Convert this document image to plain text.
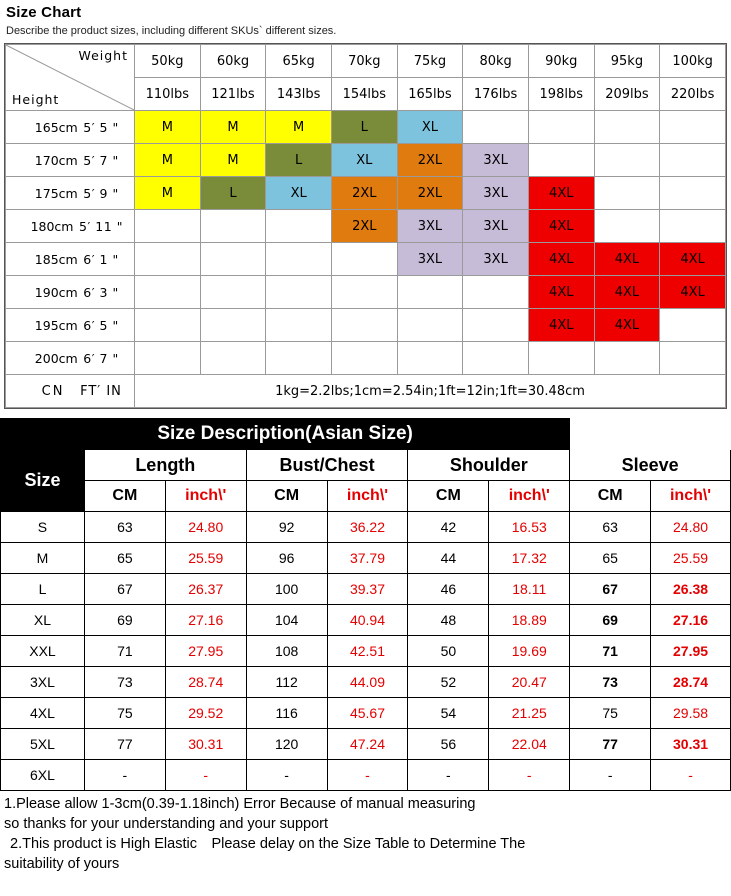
Size Chart
Describe the product sizes, including different SKUs` different sizes.
Weight
Height	50kg	60kg	65kg	70kg	75kg	80kg	90kg	95kg	100kg
	110lbs	121lbs	143lbs	154lbs	165lbs	176lbs	198lbs	209lbs	220lbs
165cm 5′ 5 "	M	M	M	L	XL				
170cm 5′ 7 "	M	M	L	XL	2XL	3XL			
175cm 5′ 9 "	M	L	XL	2XL	2XL	3XL	4XL		
180cm 5′ 11 "				2XL	3XL	3XL	4XL		
185cm 6′ 1 "					3XL	3XL	4XL	4XL	4XL
190cm 6′ 3 "							4XL	4XL	4XL
195cm 6′ 5 "							4XL	4XL	
200cm 6′ 7 "									
CN FT′ IN	1kg=2.2lbs;1cm=2.54in;1ft=12in;1ft=30.48cm								
Size Description(Asian Size)								
Size	Length		Bust/Chest		Shoulder		Sleeve	
	CM	inch\'	CM	inch\'	CM	inch\'	CM	inch\'
S	63	24.80	92	36.22	42	16.53	63	24.80
M	65	25.59	96	37.79	44	17.32	65	25.59
L	67	26.37	100	39.37	46	18.11	67	26.38
XL	69	27.16	104	40.94	48	18.89	69	27.16
XXL	71	27.95	108	42.51	50	19.69	71	27.95
3XL	73	28.74	112	44.09	52	20.47	73	28.74
4XL	75	29.52	116	45.67	54	21.25	75	29.58
5XL	77	30.31	120	47.24	56	22.04	77	30.31
6XL	-	-	-	-	-	-	-	-
1.Please allow 1-3cm(0.39-1.18inch) Error Because of manual measuring
so thanks for your understanding and your support
2.This product is High Elastic　Please delay on the Size Table to Determine The
suitability of yours
